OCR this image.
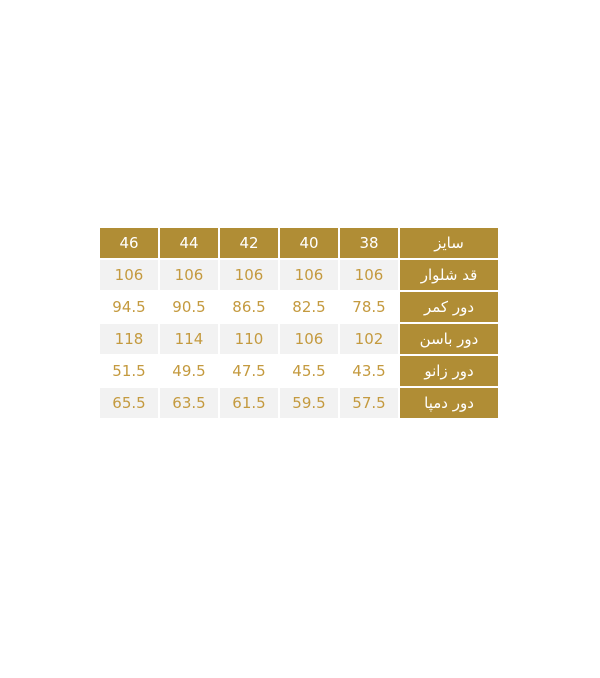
سایز	38	40	42	44	46
قد شلوار	106	106	106	106	106
دور کمر	78.5	82.5	86.5	90.5	94.5
دور باسن	102	106	110	114	118
دور زانو	43.5	45.5	47.5	49.5	51.5
دور دمپا	57.5	59.5	61.5	63.5	65.5
